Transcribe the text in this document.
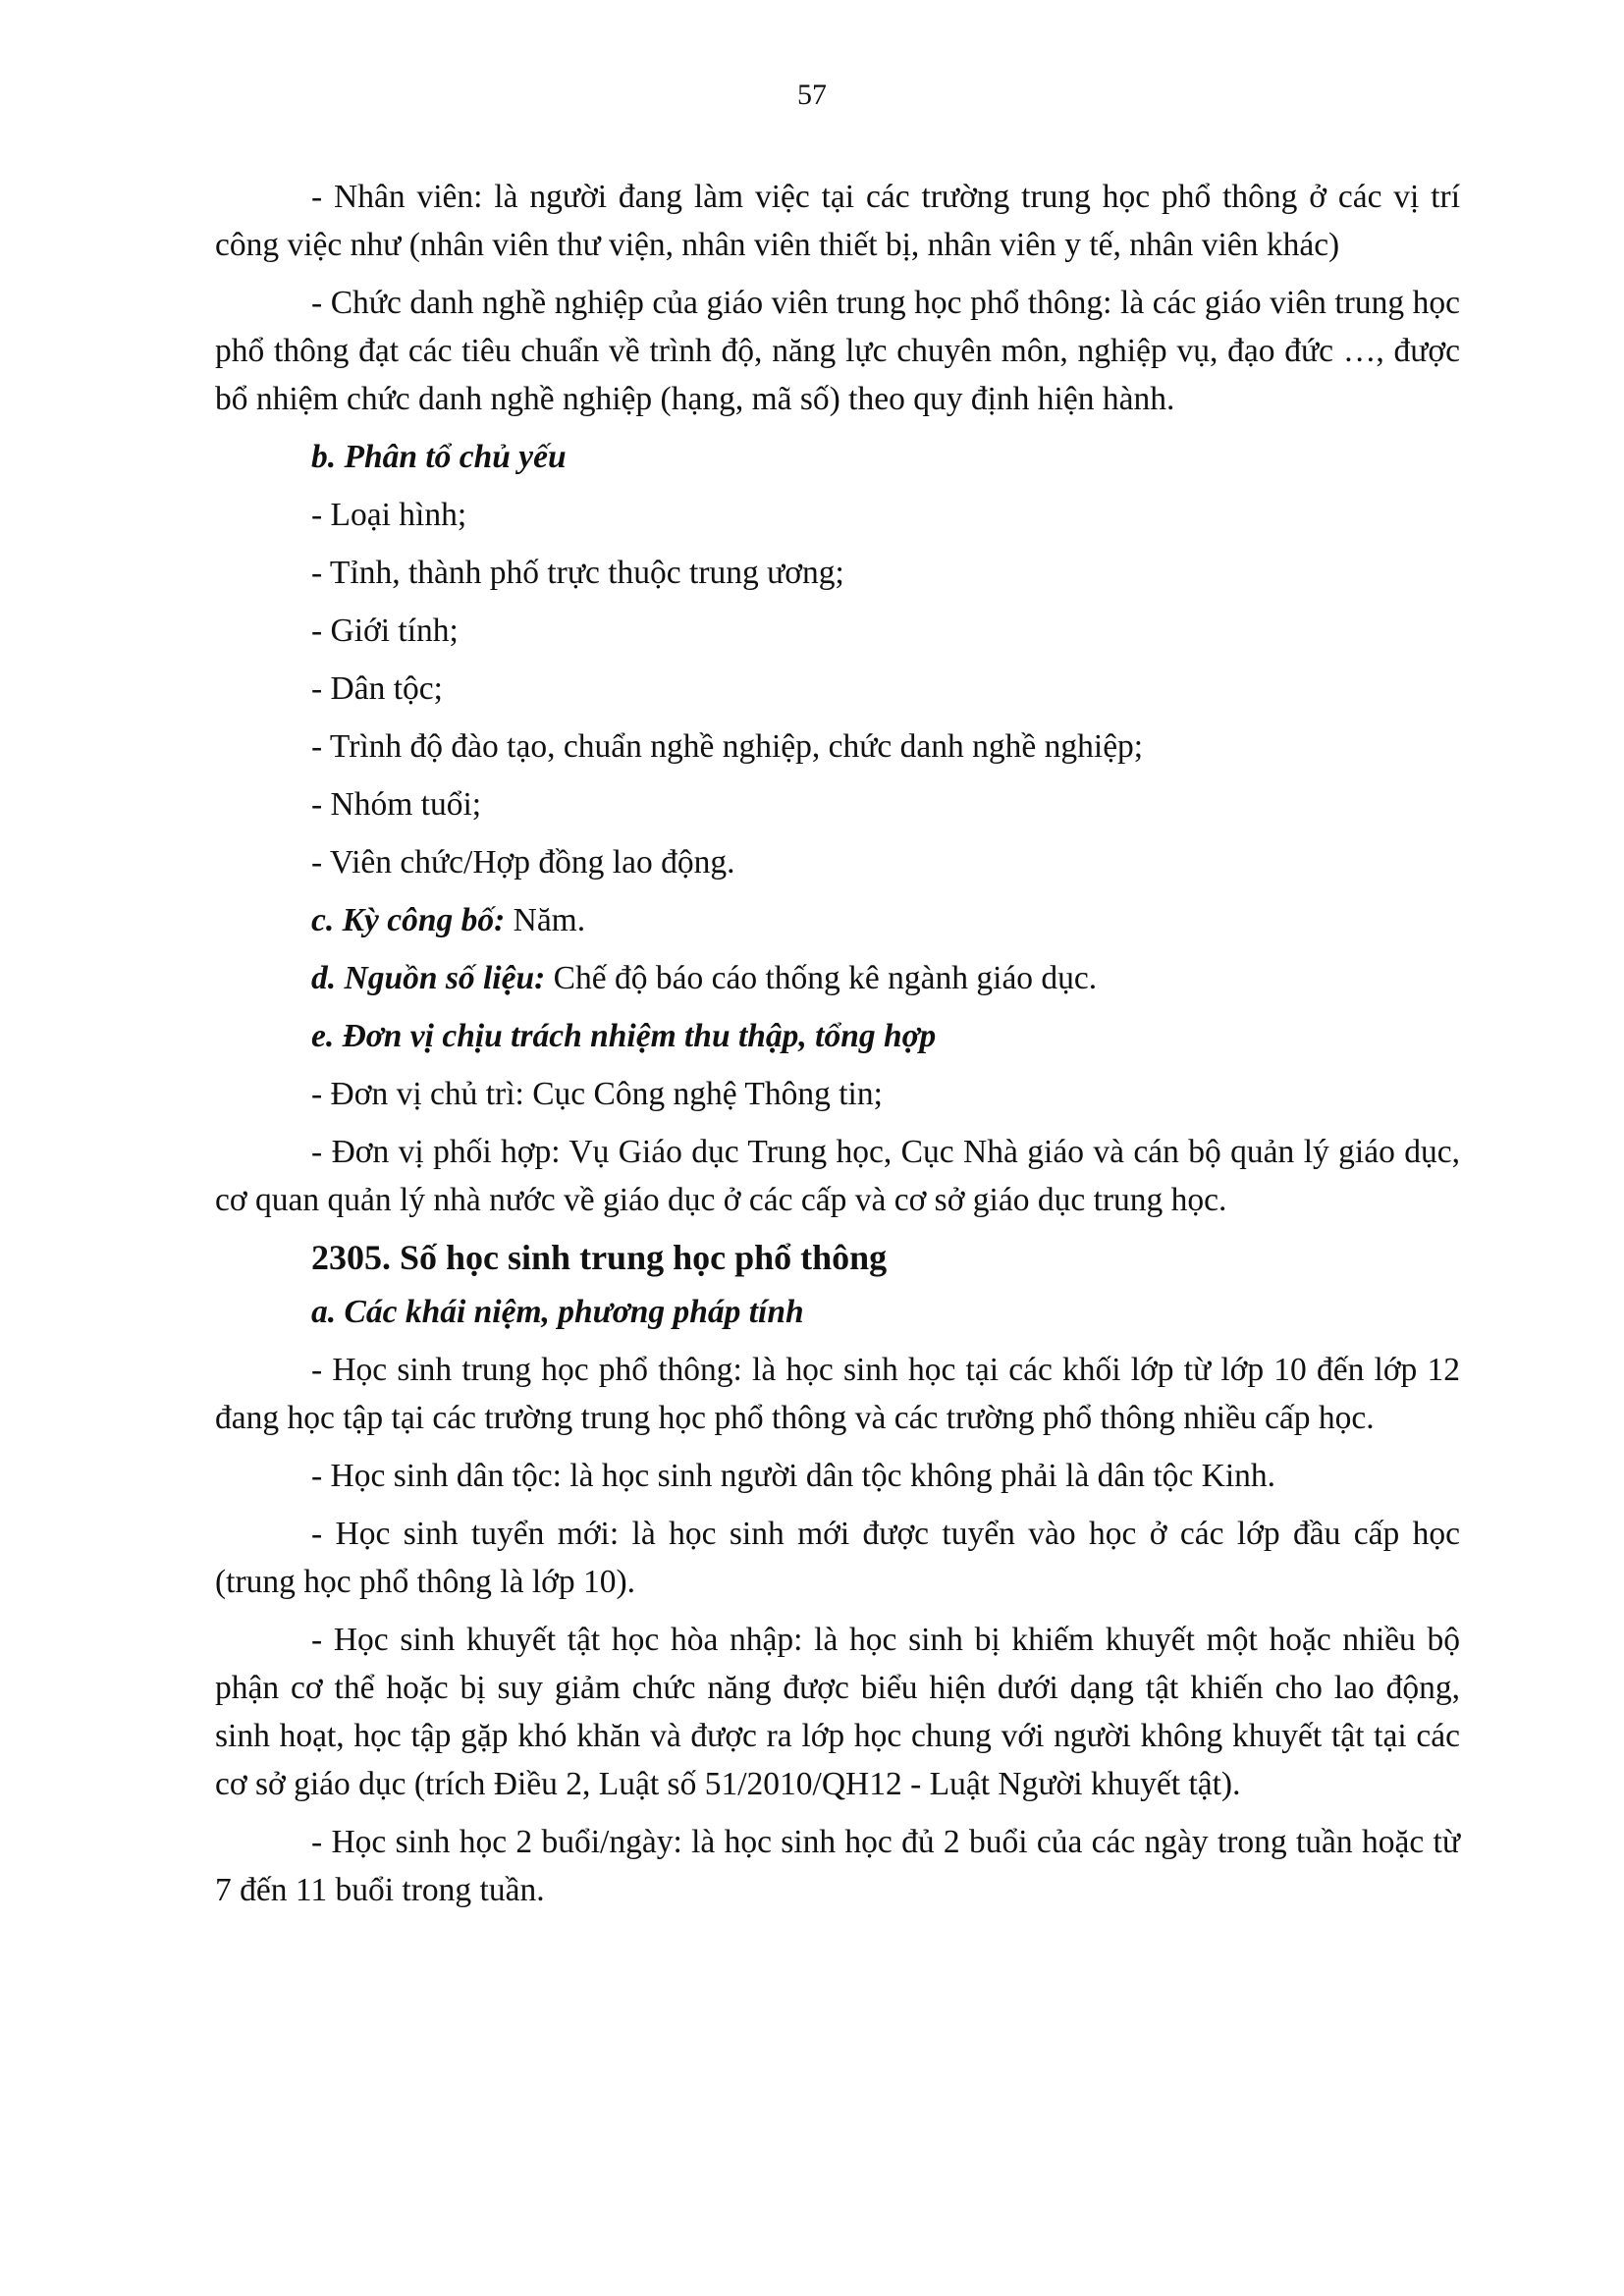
57

- Nhân viên: là người đang làm việc tại các trường trung học phổ thông ở các vị trí công việc như (nhân viên thư viện, nhân viên thiết bị, nhân viên y tế, nhân viên khác)

- Chức danh nghề nghiệp của giáo viên trung học phổ thông: là các giáo viên trung học phổ thông đạt các tiêu chuẩn về trình độ, năng lực chuyên môn, nghiệp vụ, đạo đức …, được bổ nhiệm chức danh nghề nghiệp (hạng, mã số) theo quy định hiện hành.

b. Phân tổ chủ yếu

- Loại hình;

- Tỉnh, thành phố trực thuộc trung ương;

- Giới tính;

- Dân tộc;

- Trình độ đào tạo, chuẩn nghề nghiệp, chức danh nghề nghiệp;

- Nhóm tuổi;

- Viên chức/Hợp đồng lao động.

c. Kỳ công bố: Năm.

d. Nguồn số liệu: Chế độ báo cáo thống kê ngành giáo dục.

e. Đơn vị chịu trách nhiệm thu thập, tổng hợp

- Đơn vị chủ trì: Cục Công nghệ Thông tin;

- Đơn vị phối hợp: Vụ Giáo dục Trung học, Cục Nhà giáo và cán bộ quản lý giáo dục, cơ quan quản lý nhà nước về giáo dục ở các cấp và cơ sở giáo dục trung học.

2305. Số học sinh trung học phổ thông

a. Các khái niệm, phương pháp tính

- Học sinh trung học phổ thông: là học sinh học tại các khối lớp từ lớp 10 đến lớp 12 đang học tập tại các trường trung học phổ thông và các trường phổ thông nhiều cấp học.

- Học sinh dân tộc: là học sinh người dân tộc không phải là dân tộc Kinh.

- Học sinh tuyển mới: là học sinh mới được tuyển vào học ở các lớp đầu cấp học (trung học phổ thông là lớp 10).

- Học sinh khuyết tật học hòa nhập: là học sinh bị khiếm khuyết một hoặc nhiều bộ phận cơ thể hoặc bị suy giảm chức năng được biểu hiện dưới dạng tật khiến cho lao động, sinh hoạt, học tập gặp khó khăn và được ra lớp học chung với người không khuyết tật tại các cơ sở giáo dục (trích Điều 2, Luật số 51/2010/QH12 - Luật Người khuyết tật).

- Học sinh học 2 buổi/ngày: là học sinh học đủ 2 buổi của các ngày trong tuần hoặc từ 7 đến 11 buổi trong tuần.
